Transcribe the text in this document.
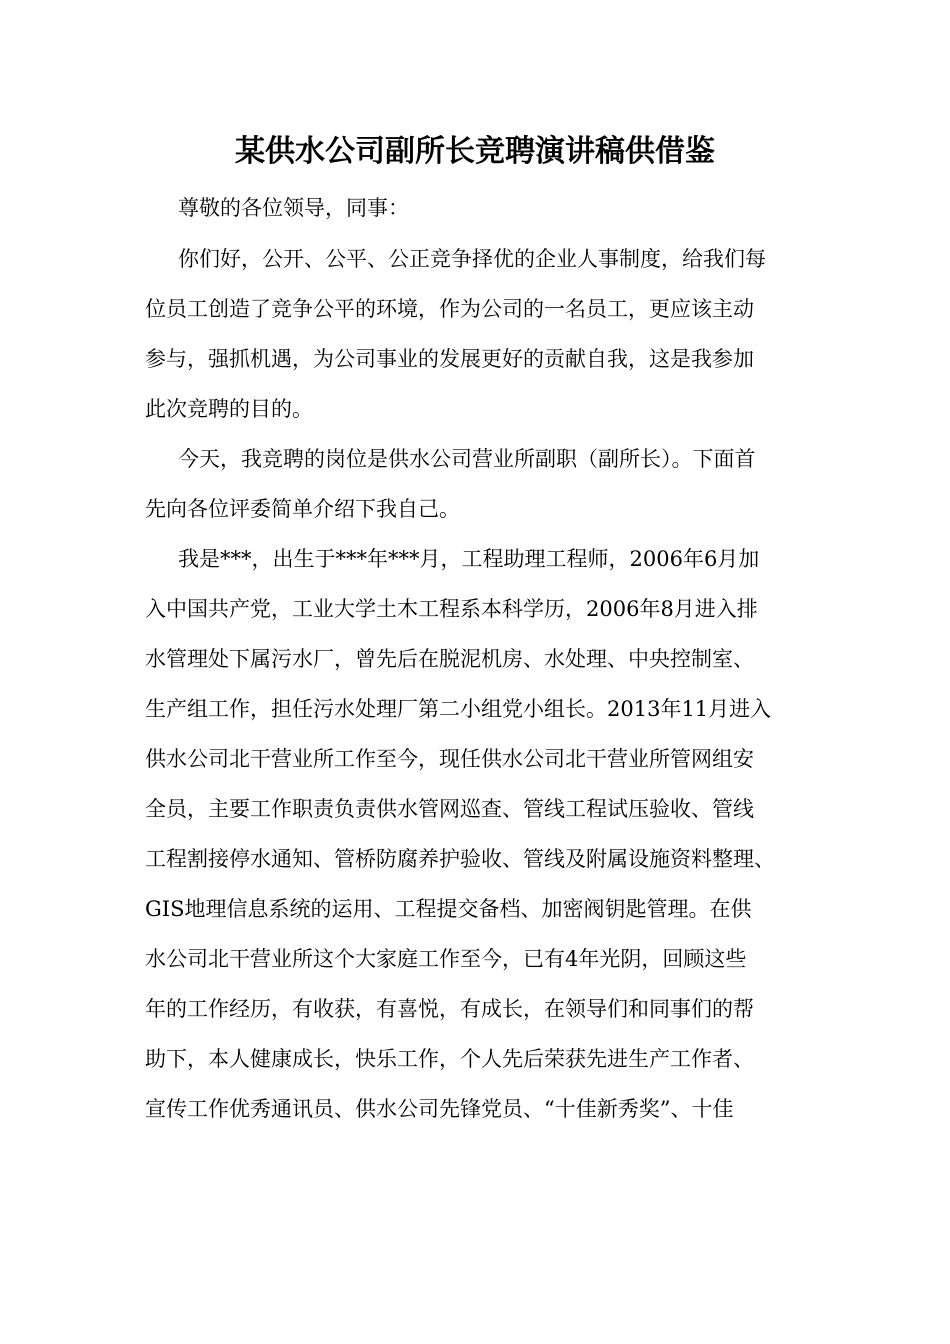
某供水公司副所长竞聘演讲稿供借鉴
尊敬的各位领导，同事：
你们好，公开、公平、公正竞争择优的企业人事制度，给我们每
位员工创造了竞争公平的环境，作为公司的一名员工，更应该主动
参与，强抓机遇，为公司事业的发展更好的贡献自我，这是我参加
此次竞聘的目的。
今天，我竞聘的岗位是供水公司营业所副职（副所长）。下面首
先向各位评委简单介绍下我自己。
我是***，出生于***年***月，工程助理工程师，2006年6月加
入中国共产党，工业大学土木工程系本科学历，2006年8月进入排
水管理处下属污水厂，曾先后在脱泥机房、水处理、中央控制室、
生产组工作，担任污水处理厂第二小组党小组长。2013年11月进入
供水公司北干营业所工作至今，现任供水公司北干营业所管网组安
全员，主要工作职责负责供水管网巡查、管线工程试压验收、管线
工程割接停水通知、管桥防腐养护验收、管线及附属设施资料整理、
GIS地理信息系统的运用、工程提交备档、加密阀钥匙管理。在供
水公司北干营业所这个大家庭工作至今，已有4年光阴，回顾这些
年的工作经历，有收获，有喜悦，有成长，在领导们和同事们的帮
助下，本人健康成长，快乐工作，个人先后荣获先进生产工作者、
宣传工作优秀通讯员、供水公司先锋党员、“十佳新秀奖”、十佳
